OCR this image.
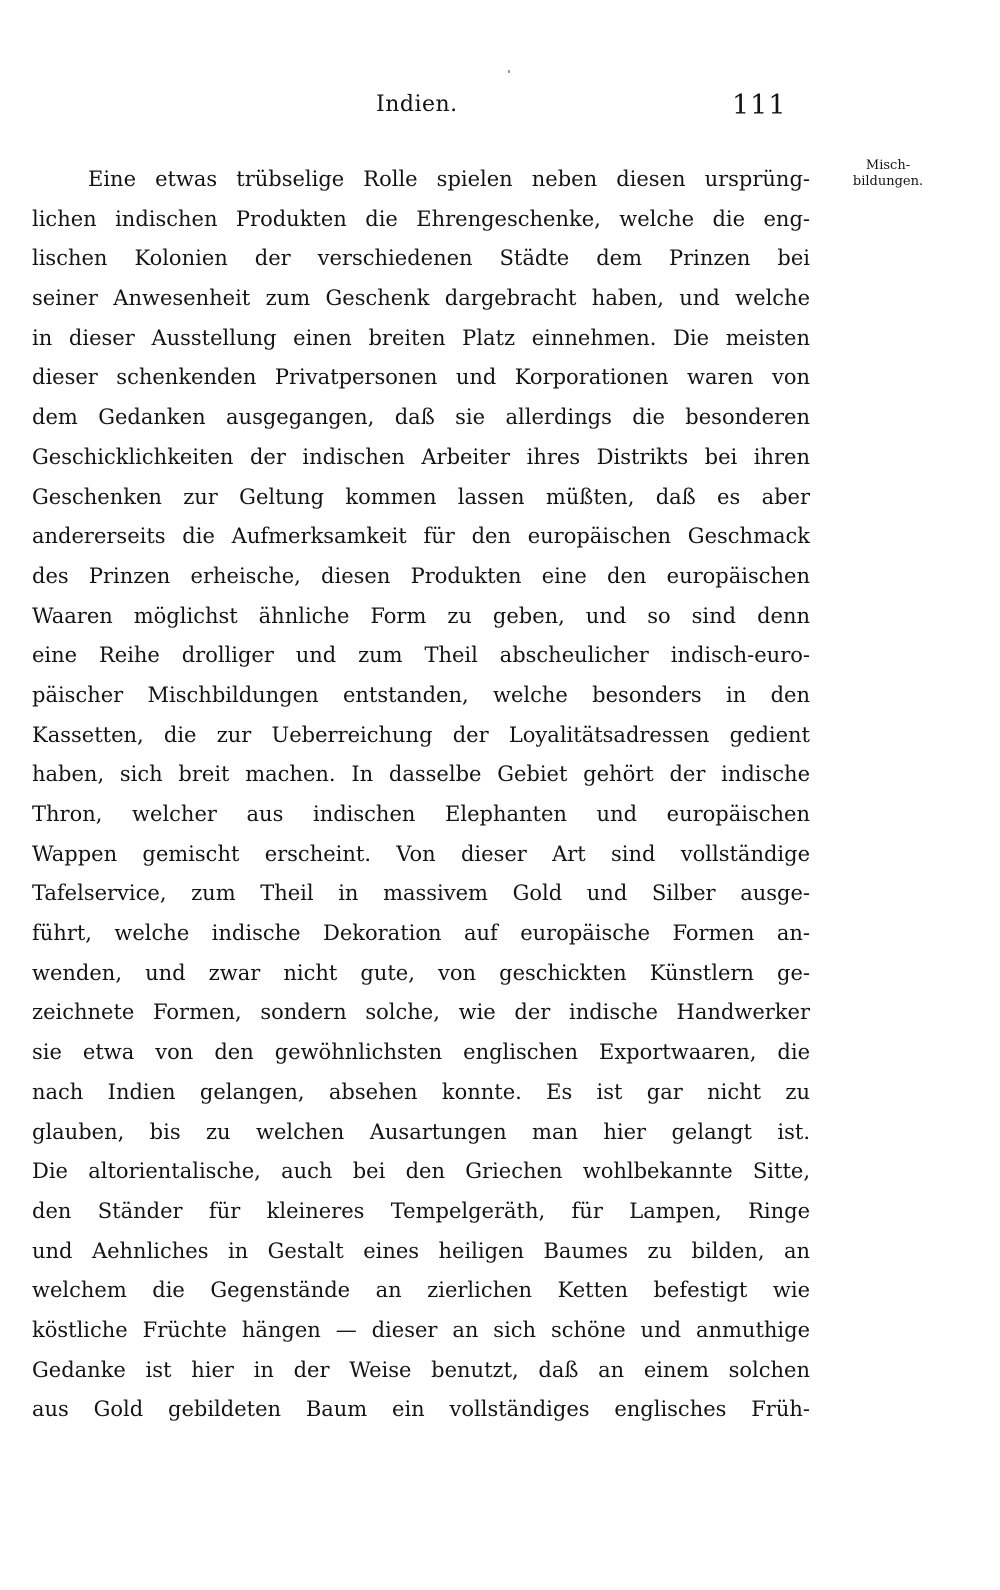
Indien.	111
Misch-
bildungen.
Eine etwas trübselige Rolle spielen neben diesen ursprüng-
lichen indischen Produkten die Ehrengeschenke, welche die eng-
lischen Kolonien der verschiedenen Städte dem Prinzen bei
seiner Anwesenheit zum Geschenk dargebracht haben, und welche
in dieser Ausstellung einen breiten Platz einnehmen. Die meisten
dieser schenkenden Privatpersonen und Korporationen waren von
dem Gedanken ausgegangen, daß sie allerdings die besonderen
Geschicklichkeiten der indischen Arbeiter ihres Distrikts bei ihren
Geschenken zur Geltung kommen lassen müßten, daß es aber
andererseits die Aufmerksamkeit für den europäischen Geschmack
des Prinzen erheische, diesen Produkten eine den europäischen
Waaren möglichst ähnliche Form zu geben, und so sind denn
eine Reihe drolliger und zum Theil abscheulicher indisch-euro-
päischer Mischbildungen entstanden, welche besonders in den
Kassetten, die zur Ueberreichung der Loyalitätsadressen gedient
haben, sich breit machen. In dasselbe Gebiet gehört der indische
Thron, welcher aus indischen Elephanten und europäischen
Wappen gemischt erscheint. Von dieser Art sind vollständige
Tafelservice, zum Theil in massivem Gold und Silber ausge-
führt, welche indische Dekoration auf europäische Formen an-
wenden, und zwar nicht gute, von geschickten Künstlern ge-
zeichnete Formen, sondern solche, wie der indische Handwerker
sie etwa von den gewöhnlichsten englischen Exportwaaren, die
nach Indien gelangen, absehen konnte. Es ist gar nicht zu
glauben, bis zu welchen Ausartungen man hier gelangt ist.
Die altorientalische, auch bei den Griechen wohlbekannte Sitte,
den Ständer für kleineres Tempelgeräth, für Lampen, Ringe
und Aehnliches in Gestalt eines heiligen Baumes zu bilden, an
welchem die Gegenstände an zierlichen Ketten befestigt wie
köstliche Früchte hängen — dieser an sich schöne und anmuthige
Gedanke ist hier in der Weise benutzt, daß an einem solchen
aus Gold gebildeten Baum ein vollständiges englisches Früh-
